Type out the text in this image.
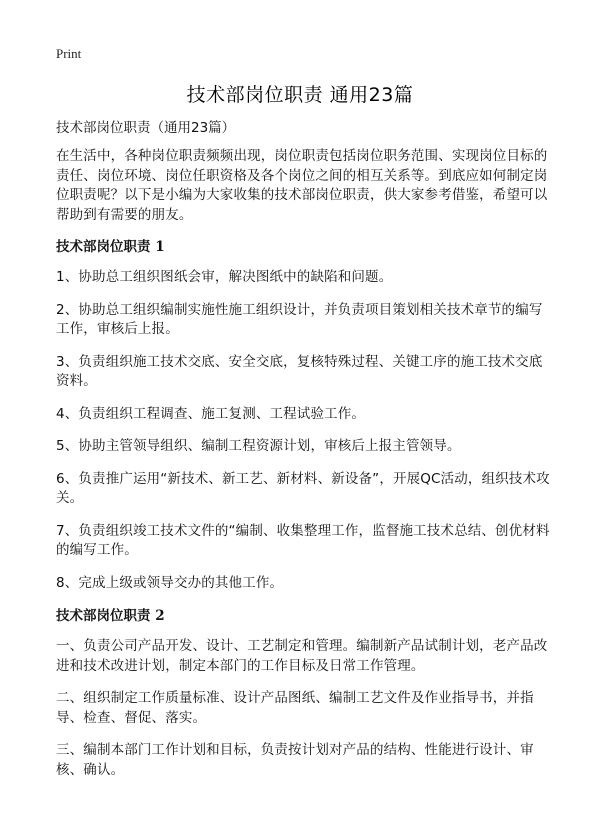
Print
技术部岗位职责 通用23篇

技术部岗位职责（通用23篇）

在生活中，各种岗位职责频频出现，岗位职责包括岗位职务范围、实现岗位目标的责任、岗位环境、岗位任职资格及各个岗位之间的相互关系等。到底应如何制定岗位职责呢？以下是小编为大家收集的技术部岗位职责，供大家参考借鉴，希望可以帮助到有需要的朋友。

技术部岗位职责 1

1、协助总工组织图纸会审，解决图纸中的缺陷和问题。

2、协助总工组织编制实施性施工组织设计，并负责项目策划相关技术章节的编写工作，审核后上报。

3、负责组织施工技术交底、安全交底，复核特殊过程、关键工序的施工技术交底资料。

4、负责组织工程调查、施工复测、工程试验工作。

5、协助主管领导组织、编制工程资源计划，审核后上报主管领导。

6、负责推广运用“新技术、新工艺、新材料、新设备”，开展QC活动，组织技术攻关。

7、负责组织竣工技术文件的“编制、收集整理工作，监督施工技术总结、创优材料的编写工作。

8、完成上级或领导交办的其他工作。

技术部岗位职责 2

一、负责公司产品开发、设计、工艺制定和管理。编制新产品试制计划，老产品改进和技术改进计划，制定本部门的工作目标及日常工作管理。

二、组织制定工作质量标准、设计产品图纸、编制工艺文件及作业指导书，并指导、检查、督促、落实。

三、编制本部门工作计划和目标，负责按计划对产品的结构、性能进行设计、审核、确认。
